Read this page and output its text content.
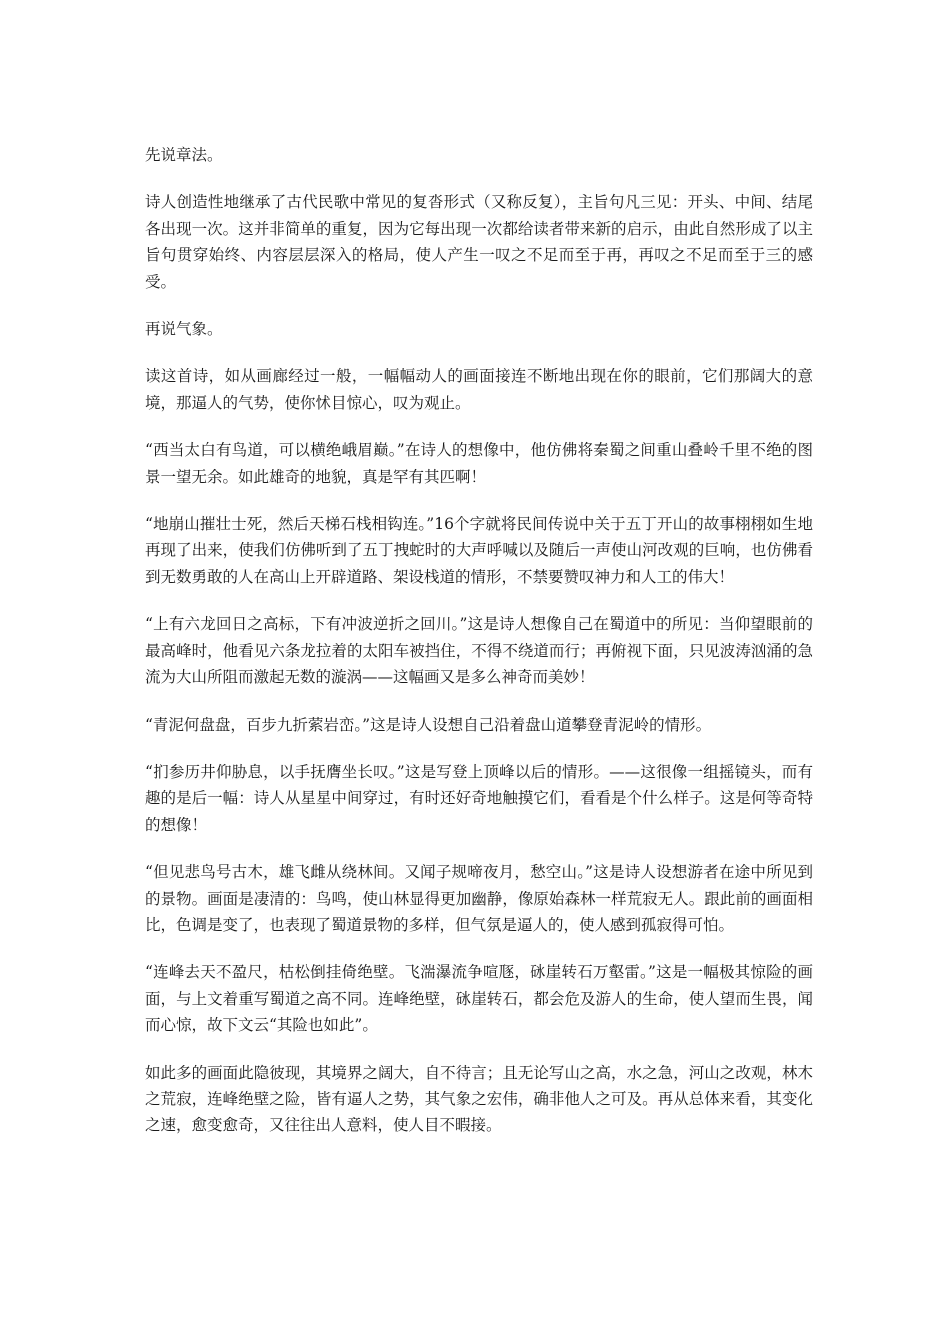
先说章法。

诗人创造性地继承了古代民歌中常见的复沓形式（又称反复），主旨句凡三见：开头、中间、结尾各出现一次。这并非简单的重复，因为它每出现一次都给读者带来新的启示，由此自然形成了以主旨句贯穿始终、内容层层深入的格局，使人产生一叹之不足而至于再，再叹之不足而至于三的感受。

再说气象。

读这首诗，如从画廊经过一般，一幅幅动人的画面接连不断地出现在你的眼前，它们那阔大的意境，那逼人的气势，使你怵目惊心，叹为观止。

“西当太白有鸟道，可以横绝峨眉巅。”在诗人的想像中，他仿佛将秦蜀之间重山叠岭千里不绝的图景一望无余。如此雄奇的地貌，真是罕有其匹啊！

“地崩山摧壮士死，然后天梯石栈相钩连。”16个字就将民间传说中关于五丁开山的故事栩栩如生地再现了出来，使我们仿佛听到了五丁拽蛇时的大声呼喊以及随后一声使山河改观的巨响，也仿佛看到无数勇敢的人在高山上开辟道路、架设栈道的情形，不禁要赞叹神力和人工的伟大！

“上有六龙回日之高标，下有冲波逆折之回川。”这是诗人想像自己在蜀道中的所见：当仰望眼前的最高峰时，他看见六条龙拉着的太阳车被挡住，不得不绕道而行；再俯视下面，只见波涛汹涌的急流为大山所阻而激起无数的漩涡——这幅画又是多么神奇而美妙！

“青泥何盘盘，百步九折萦岩峦。”这是诗人设想自己沿着盘山道攀登青泥岭的情形。

“扪参历井仰胁息，以手抚膺坐长叹。”这是写登上顶峰以后的情形。——这很像一组摇镜头，而有趣的是后一幅：诗人从星星中间穿过，有时还好奇地触摸它们，看看是个什么样子。这是何等奇特的想像！

“但见悲鸟号古木，雄飞雌从绕林间。又闻子规啼夜月，愁空山。”这是诗人设想游者在途中所见到的景物。画面是凄清的：鸟鸣，使山林显得更加幽静，像原始森林一样荒寂无人。跟此前的画面相比，色调是变了，也表现了蜀道景物的多样，但气氛是逼人的，使人感到孤寂得可怕。

“连峰去天不盈尺，枯松倒挂倚绝壁。飞湍瀑流争喧豗，砯崖转石万壑雷。”这是一幅极其惊险的画面，与上文着重写蜀道之高不同。连峰绝壁，砯崖转石，都会危及游人的生命，使人望而生畏，闻而心惊，故下文云“其险也如此”。

如此多的画面此隐彼现，其境界之阔大，自不待言；且无论写山之高，水之急，河山之改观，林木之荒寂，连峰绝壁之险，皆有逼人之势，其气象之宏伟，确非他人之可及。再从总体来看，其变化之速，愈变愈奇，又往往出人意料，使人目不暇接。
